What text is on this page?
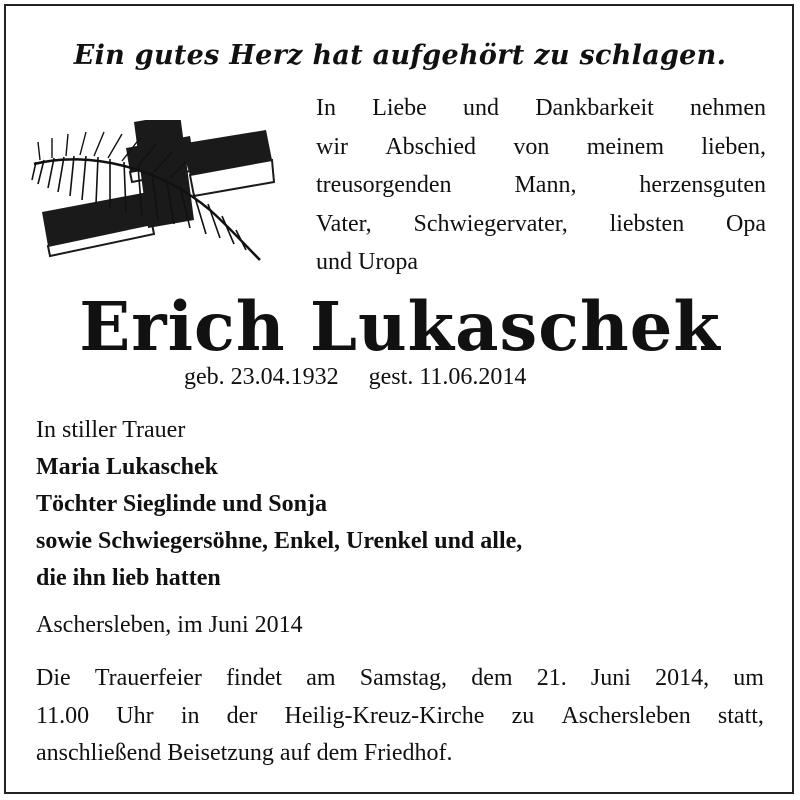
Ein gutes Herz hat aufgehört zu schlagen.
In Liebe und Dankbarkeit nehmen
wir Abschied von meinem lieben,
treusorgenden	Mann,	herzensguten
Vater, Schwiegervater, liebsten Opa
und Uropa
Erich Lukaschek
geb. 23.04.1932 gest. 11.06.2014
In stiller Trauer
Maria Lukaschek
Töchter Sieglinde und Sonja
sowie Schwiegersöhne, Enkel, Urenkel und alle,
die ihn lieb hatten
Aschersleben, im Juni 2014
Die Trauerfeier findet am Samstag, dem 21. Juni 2014, um
11.00 Uhr in der Heilig-Kreuz-Kirche zu Aschersleben statt,
anschließend Beisetzung auf dem Friedhof.
